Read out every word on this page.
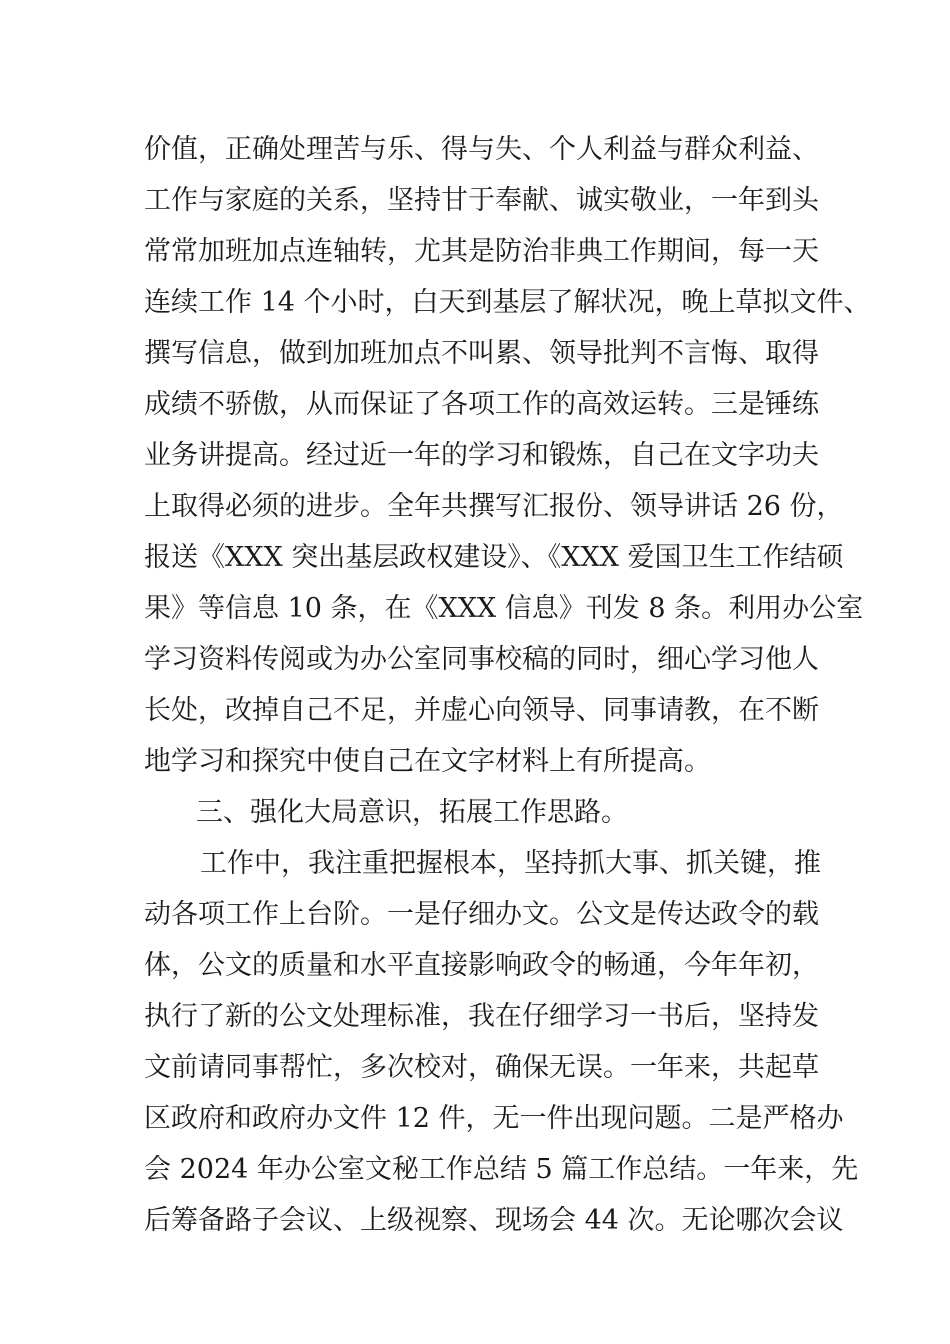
价值，正确处理苦与乐、得与失、个人利益与群众利益、
工作与家庭的关系，坚持甘于奉献、诚实敬业，一年到头
常常加班加点连轴转，尤其是防治非典工作期间，每一天
连续工作 14 个小时，白天到基层了解状况，晚上草拟文件、
撰写信息，做到加班加点不叫累、领导批判不言悔、取得
成绩不骄傲，从而保证了各项工作的高效运转。三是锤练
业务讲提高。经过近一年的学习和锻炼，自己在文字功夫
上取得必须的进步。全年共撰写汇报份、领导讲话 26 份，
报送《XXX 突出基层政权建设》、《XXX 爱国卫生工作结硕
果》等信息 10 条，在《XXX 信息》刊发 8 条。利用办公室
学习资料传阅或为办公室同事校稿的同时，细心学习他人
长处，改掉自己不足，并虚心向领导、同事请教，在不断
地学习和探究中使自己在文字材料上有所提高。
三、强化大局意识，拓展工作思路。
工作中，我注重把握根本，坚持抓大事、抓关键，推
动各项工作上台阶。一是仔细办文。公文是传达政令的载
体，公文的质量和水平直接影响政令的畅通，今年年初，
执行了新的公文处理标准，我在仔细学习一书后，坚持发
文前请同事帮忙，多次校对，确保无误。一年来，共起草
区政府和政府办文件 12 件，无一件出现问题。二是严格办
会 2024 年办公室文秘工作总结 5 篇工作总结。一年来，先
后筹备路子会议、上级视察、现场会 44 次。无论哪次会议
